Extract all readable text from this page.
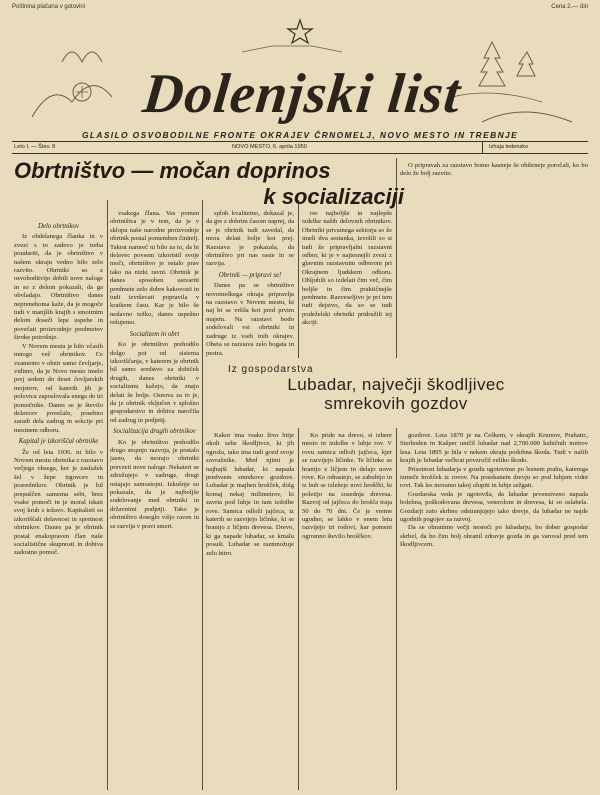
Poštnina plačana v gotovini	Cena 2.— din
Dolenjski list
GLASILO OSVOBODILNE FRONTE OKRAJEV ČRNOMELJ, NOVO MESTO IN TREBNJE
Leto I. — Štev. 8	NOVO MESTO, 6. aprila 1950	Izhaja tedensko
Obrtništvo — močan doprinos
k socializaciji
Delo obrtnikov

Iz obdelanega članka in v zvezi s to zadevo je treba poudariti, da je obrtništvo v našem okraju vedno bilo zelo razvito. Obrtniki so z osvoboditvijo dobili nove naloge in so z delom pokazali, da ga obvladajo. Obrtništvo danes neprenehoma kaže, da je mogoče tudi v manjših krajih s smotrnim delom doseči lepe uspehe in povečati proizvodnjo predmetov široke potrošnje.

V Novem mestu je bilo včasih mnogo več obrtnikov. Ce vzamemo v obzir samo čevljarje, vidimo, da je Novo mesto imelo prej sedem do deset čevljarskih mojstrov, od katerih jih je polovica zaposlovala enega do tri pomočnike. Danes se je število delavcev povečalo, posebno zaradi dela zadrug in sekcije pri mestnem odboru.

Kapital je izkoriščal obrtnike

Že od leta 1936. ni bilo v Novem mestu obrtnika z razstavo večjega obsega, ker je zaslužek šel v žepe trgovcev in posrednikov. Obrtnik je bil prepuščen samemu sebi, brez vsake pomoči in je moral iskati svoj kruh s težavo. Kapitalisti so izkoriščali delavnost in spretnost obrtnikov. Danes pa je obrtnik postal enakopraven član naše socialistične skupnosti in dobiva zadostno pomoč.

vsakega člana. Ves pomen obrtništva je v tem, da je v sklopu naše narodne proizvodnje obrtnik postal pomemben činitelj. Takrat namreč ni bilo za to, da bi delavec povsem izkoristil svoje moči, obrtništvo je ostalo prav tako na nizki ravni. Obrtnik je danes sposoben ustvariti predmete zelo dobre kakovosti in tudi izvrševati popravila v kratkem času. Kar je bilo še nedavno težko, danes uspešno rešujemo.

Socializem in obrt

Ko je obrtništvo prehodilo dolgo pot od sistema izkoriščanja, v katerem je obrtnik bil samo sredstvo za dobiček drugih, danes obrtniki v socializmu kažejo, da znajo delati še bolje. Osnova za to je, da je obrtnik vključen v splošno gospodarstvo in dobiva naročila od zadrug in podjetij.

Socializacija drugih obrtnikov

Ko je obrtništvo prehodilo drugo stopnjo razvoja, je postalo jasno, da morajo obrtniki prevzeti nove naloge. Nekateri se združujejo v zadruge, drugi ostajajo samostojni. Izkušnje so pokazale, da je najboljše sodelovanje med obrtniki in državnimi podjetji. Tako je obrtništvo doseglo višjo raven in se razvija v pravi smeri.

sploh kvalitetno, dokazal je, da gre z dobrim časom naprej, da se je obrtnik tudi zavedal, da mora delati bolje kot prej. Razstava je pokazala, da obrtništvo pri nas raste in se razvija.

Obrtnik — pripravi se!

Danes pa se obrtništvo novomeškega okraja pripravlja na razstavo v Novem mestu, ki naj bi se vršila kot pred prvim majem. Na razstavi bodo sodelovali vsi obrtniki in zadruge iz vseh treh okrajev. Obeta se razstava zelo bogata in pestra.

res najboljše in najlepše izdelke naših delovnih obrtnikov. Obrtniki privatnega sektorja so že imeli dva sestanka, izvolili so si tudi že pripravljalni razstavni odbor, ki je v najtesnejši zvezi z glavnim razstavnim odborom pri Okrajnem ljudskem odboru. Obljubili so izdelati čim več, čim boljše in čim praktičnejše predmete. Razveseljivo je pri tem tudi dejstvo, da so se tudi podeželski obrtniki pridružili tej akciji.

O pripravah za razstavo bomo kasneje še obširneje poročali, ko bo delo že bolj razvito.

Iz gospodarstva
Lubadar, največji škodljivec
smrekovih gozdov

Kakor ima vsako živo bitje okoli sebe škodljivce, ki jih ogroža, tako ima tudi gozd svoje sovražnike. Med njimi je najhujši lubadar, ki napada predvsem smrekove gozdove. Lubadar je majhen hrošček, dolg komaj nekaj milimetrov, ki zavrta pod lubje in tam izdolbe rove. Samica odloži jajčeca, iz katerih se razvijejo ličinke, ki se hranijo z ličjem drevesa. Drevo, ki ga napade lubadar, se kmalu posuši. Lubadar se razmnožuje zelo hitro.

Ko pride na drevo, si izbere mesto in izdolbe v lubje rov. V rovu samica odloži jajčeca, kjer se razvijejo ličinke. Te ličinke se hranijo z ličjem in delajo nove rove. Ko odrastejo, se zabubijo in iz bub se izležejo novi hroščki, ki poletijo na sosednja drevesa. Razvoj od jajčeca do hrošča traja 50 do 70 dni. Če je vreme ugodno, se lahko v enem letu razvijejo tri rodovi, kar pomeni ogromno število hroščkov.

gozdove. Leta 1870 je na Češkem, v okrajih Krumov, Prahatic, Sterboden in Kašper uničil lubadar nad 2,700.000 kubičnih metrov lesa. Leta 1895 je bila v nekem okraju podobna škoda. Tudi v naših krajih je lubadar večkrat povzročil veliko škodo.

Prisotnost lubadarja v gozdu ugotovimo po lesnem prahu, katerega izmeče hrošček iz rovov. Na posekanem drevju so pod lubjem vidni rovi. Tak les moramo takoj olupiti in lubje sežgati.

Gozdarska veda je ugotovila, da lubadar prvenstveno napada bolehna, poškodovana drevesa, veterolom in drevesa, ki so oslabela. Gozdarji zato skrbno odstranjujejo tako drevje, da lubadar ne najde ugodnih pogojev za razvoj.

Da se obranimo večji nesreči po lubadarju, bo dober gospodar skrbel, da bo čim bolj ohranil zdravje gozda in ga varoval pred tem škodljivcem.
